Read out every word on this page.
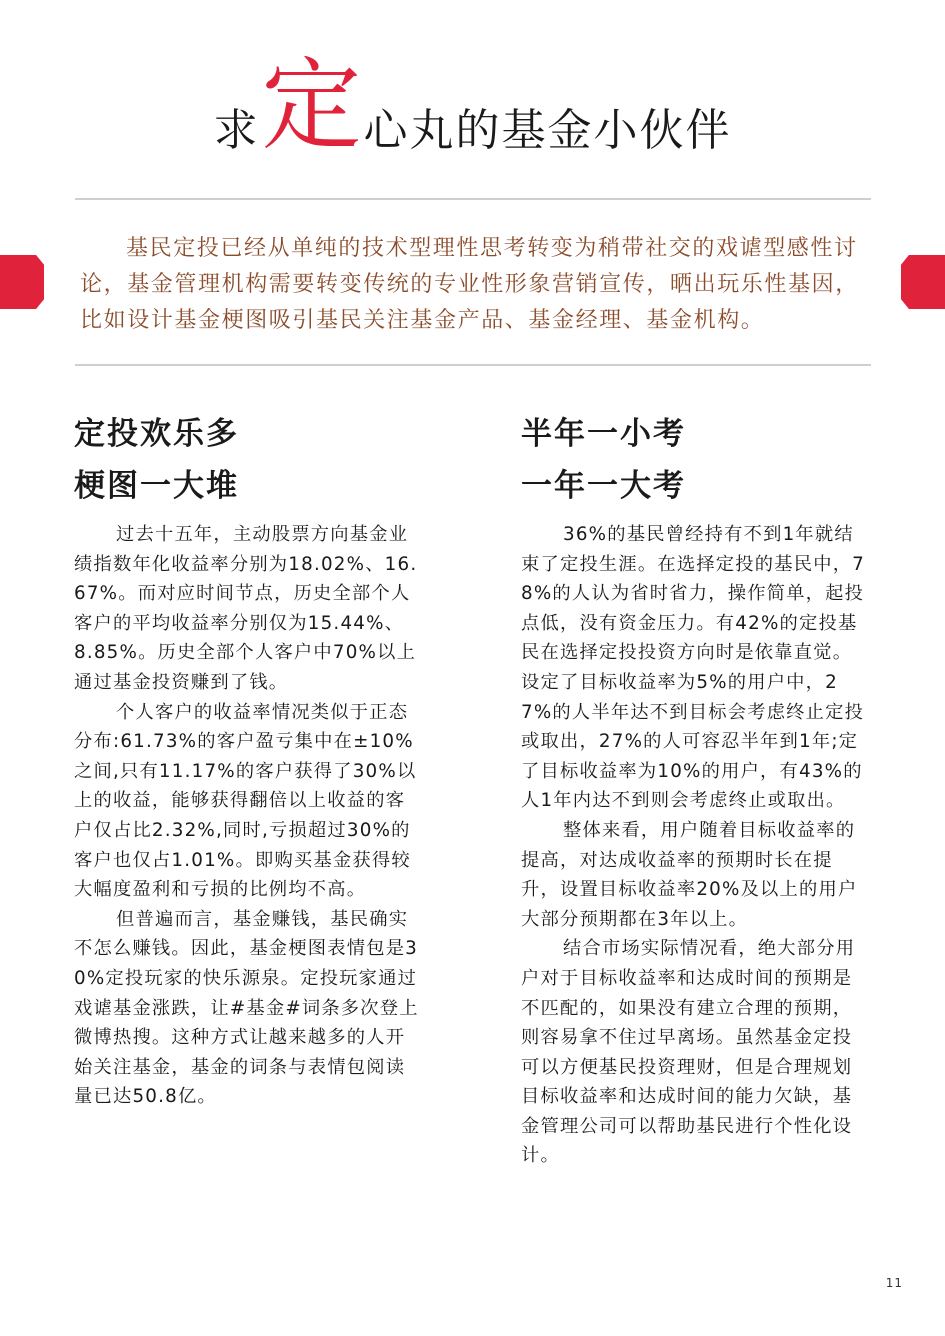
求定心丸的基金小伙伴

基民定投已经从单纯的技术型理性思考转变为稍带社交的戏谑型感性讨论，基金管理机构需要转变传统的专业性形象营销宣传，晒出玩乐性基因，比如设计基金梗图吸引基民关注基金产品、基金经理、基金机构。

定投欢乐多
梗图一大堆

过去十五年，主动股票方向基金业绩指数年化收益率分别为18.02%、16.67%。而对应时间节点，历史全部个人客户的平均收益率分别仅为15.44%、8.85%。历史全部个人客户中70%以上通过基金投资赚到了钱。

个人客户的收益率情况类似于正态分布:61.73%的客户盈亏集中在±10%之间,只有11.17%的客户获得了30%以上的收益，能够获得翻倍以上收益的客户仅占比2.32%,同时,亏损超过30%的客户也仅占1.01%。即购买基金获得较大幅度盈利和亏损的比例均不高。

但普遍而言，基金赚钱，基民确实不怎么赚钱。因此，基金梗图表情包是30%定投玩家的快乐源泉。定投玩家通过戏谑基金涨跌，让#基金#词条多次登上微博热搜。这种方式让越来越多的人开始关注基金，基金的词条与表情包阅读量已达50.8亿。

半年一小考
一年一大考

36%的基民曾经持有不到1年就结束了定投生涯。在选择定投的基民中，78%的人认为省时省力，操作简单，起投点低，没有资金压力。有42%的定投基民在选择定投投资方向时是依靠直觉。设定了目标收益率为5%的用户中，27%的人半年达不到目标会考虑终止定投或取出，27%的人可容忍半年到1年;定了目标收益率为10%的用户，有43%的人1年内达不到则会考虑终止或取出。

整体来看，用户随着目标收益率的提高，对达成收益率的预期时长在提升，设置目标收益率20%及以上的用户大部分预期都在3年以上。

结合市场实际情况看，绝大部分用户对于目标收益率和达成时间的预期是不匹配的，如果没有建立合理的预期，则容易拿不住过早离场。虽然基金定投可以方便基民投资理财，但是合理规划目标收益率和达成时间的能力欠缺，基金管理公司可以帮助基民进行个性化设计。

11
